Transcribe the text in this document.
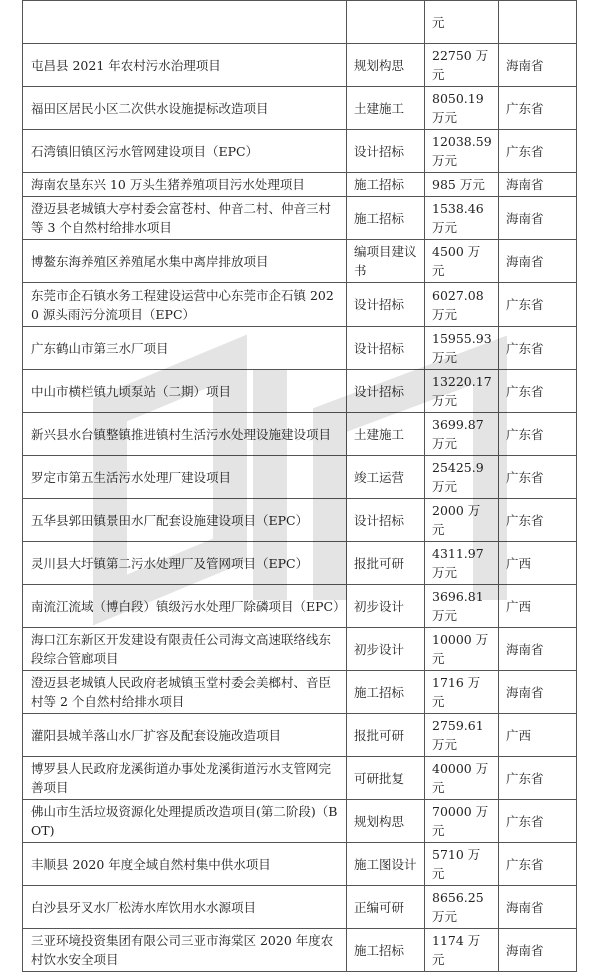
		元	
屯昌县 2021 年农村污水治理项目	规划构思	22750 万元	海南省
福田区居民小区二次供水设施提标改造项目	土建施工	8050.19 万元	广东省
石湾镇旧镇区污水管网建设项目（EPC）	设计招标	12038.59 万元	广东省
海南农垦东兴 10 万头生猪养殖项目污水处理项目	施工招标	985 万元	海南省
澄迈县老城镇大亭村委会富苍村、仲音二村、仲音三村等 3 个自然村给排水项目	施工招标	1538.46 万元	海南省
博鳌东海养殖区养殖尾水集中离岸排放项目	编项目建议书	4500 万元	海南省
东莞市企石镇水务工程建设运营中心东莞市企石镇 2020 源头雨污分流项目（EPC）	设计招标	6027.08 万元	广东省
广东鹤山市第三水厂项目	设计招标	15955.93 万元	广东省
中山市横栏镇九顷泵站（二期）项目	设计招标	13220.17 万元	广东省
新兴县水台镇整镇推进镇村生活污水处理设施建设项目	土建施工	3699.87 万元	广东省
罗定市第五生活污水处理厂建设项目	竣工运营	25425.9 万元	广东省
五华县郭田镇景田水厂配套设施建设项目（EPC）	设计招标	2000 万元	广东省
灵川县大圩镇第二污水处理厂及管网项目（EPC）	报批可研	4311.97 万元	广西
南流江流域（博白段）镇级污水处理厂除磷项目（EPC）	初步设计	3696.81 万元	广西
海口江东新区开发建设有限责任公司海文高速联络线东段综合管廊项目	初步设计	10000 万元	海南省
澄迈县老城镇人民政府老城镇玉堂村委会美榔村、音臣村等 2 个自然村给排水项目	施工招标	1716 万元	海南省
灌阳县城羊落山水厂扩容及配套设施改造项目	报批可研	2759.61 万元	广西
博罗县人民政府龙溪街道办事处龙溪街道污水支管网完善项目	可研批复	40000 万元	广东省
佛山市生活垃圾资源化处理提质改造项目(第二阶段)（BOT)	规划构思	70000 万元	广东省
丰顺县 2020 年度全域自然村集中供水项目	施工图设计	5710 万元	广东省
白沙县牙叉水厂松涛水库饮用水水源项目	正编可研	8656.25 万元	海南省
三亚环境投资集团有限公司三亚市海棠区 2020 年度农村饮水安全项目	施工招标	1174 万元	海南省
